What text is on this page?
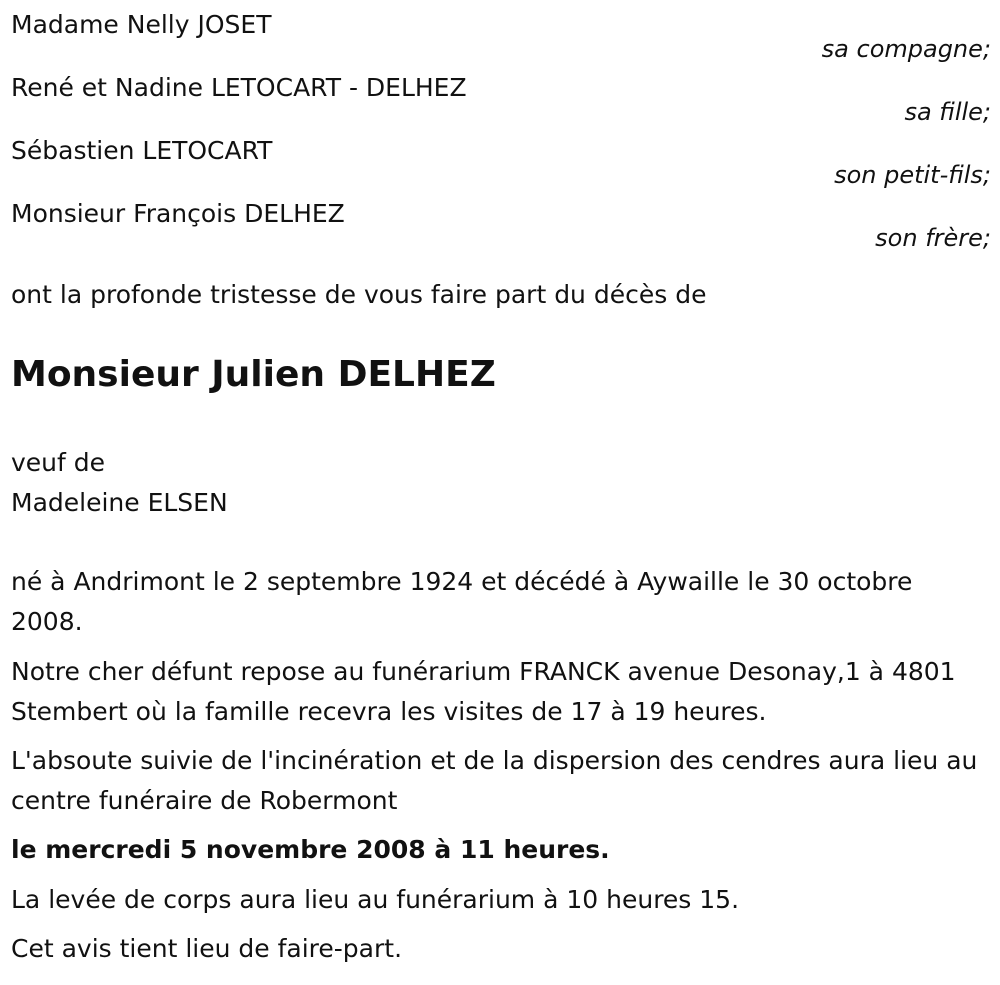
Madame Nelly JOSET
sa compagne;
René et Nadine LETOCART - DELHEZ
sa fille;
Sébastien LETOCART
son petit-fils;
Monsieur François DELHEZ
son frère;
ont la profonde tristesse de vous faire part du décès de
Monsieur Julien DELHEZ
veuf de
Madeleine ELSEN
né à Andrimont le 2 septembre 1924 et décédé à Aywaille le 30 octobre 2008.
Notre cher défunt repose au funérarium FRANCK avenue Desonay,1 à 4801 Stembert où la famille recevra les visites de 17 à 19 heures.
L'absoute suivie de l'incinération et de la dispersion des cendres aura lieu au centre funéraire de Robermont
le mercredi 5 novembre 2008 à 11 heures.
La levée de corps aura lieu au funérarium à 10 heures 15.
Cet avis tient lieu de faire-part.
